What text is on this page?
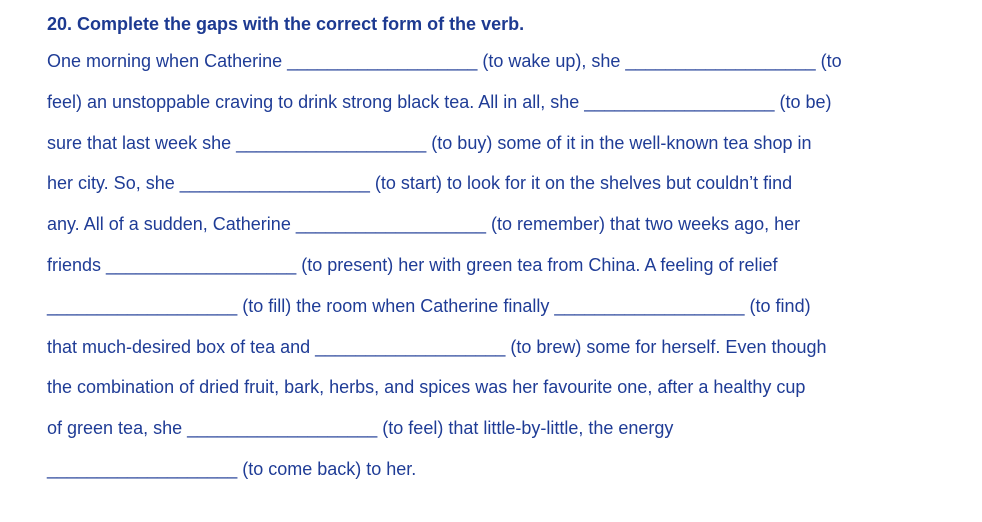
20. Complete the gaps with the correct form of the verb.
One morning when Catherine ___________________ (to wake up), she ___________________ (to
feel) an unstoppable craving to drink strong black tea. All in all, she ___________________ (to be)
sure that last week she ___________________ (to buy) some of it in the well-known tea shop in
her city. So, she ___________________ (to start) to look for it on the shelves but couldn’t find
any. All of a sudden, Catherine ___________________ (to remember) that two weeks ago, her
friends ___________________ (to present) her with green tea from China. A feeling of relief
___________________ (to fill) the room when Catherine finally ___________________ (to find)
that much-desired box of tea and ___________________ (to brew) some for herself. Even though
the combination of dried fruit, bark, herbs, and spices was her favourite one, after a healthy cup
of green tea, she ___________________ (to feel) that little-by-little, the energy
___________________ (to come back) to her.
